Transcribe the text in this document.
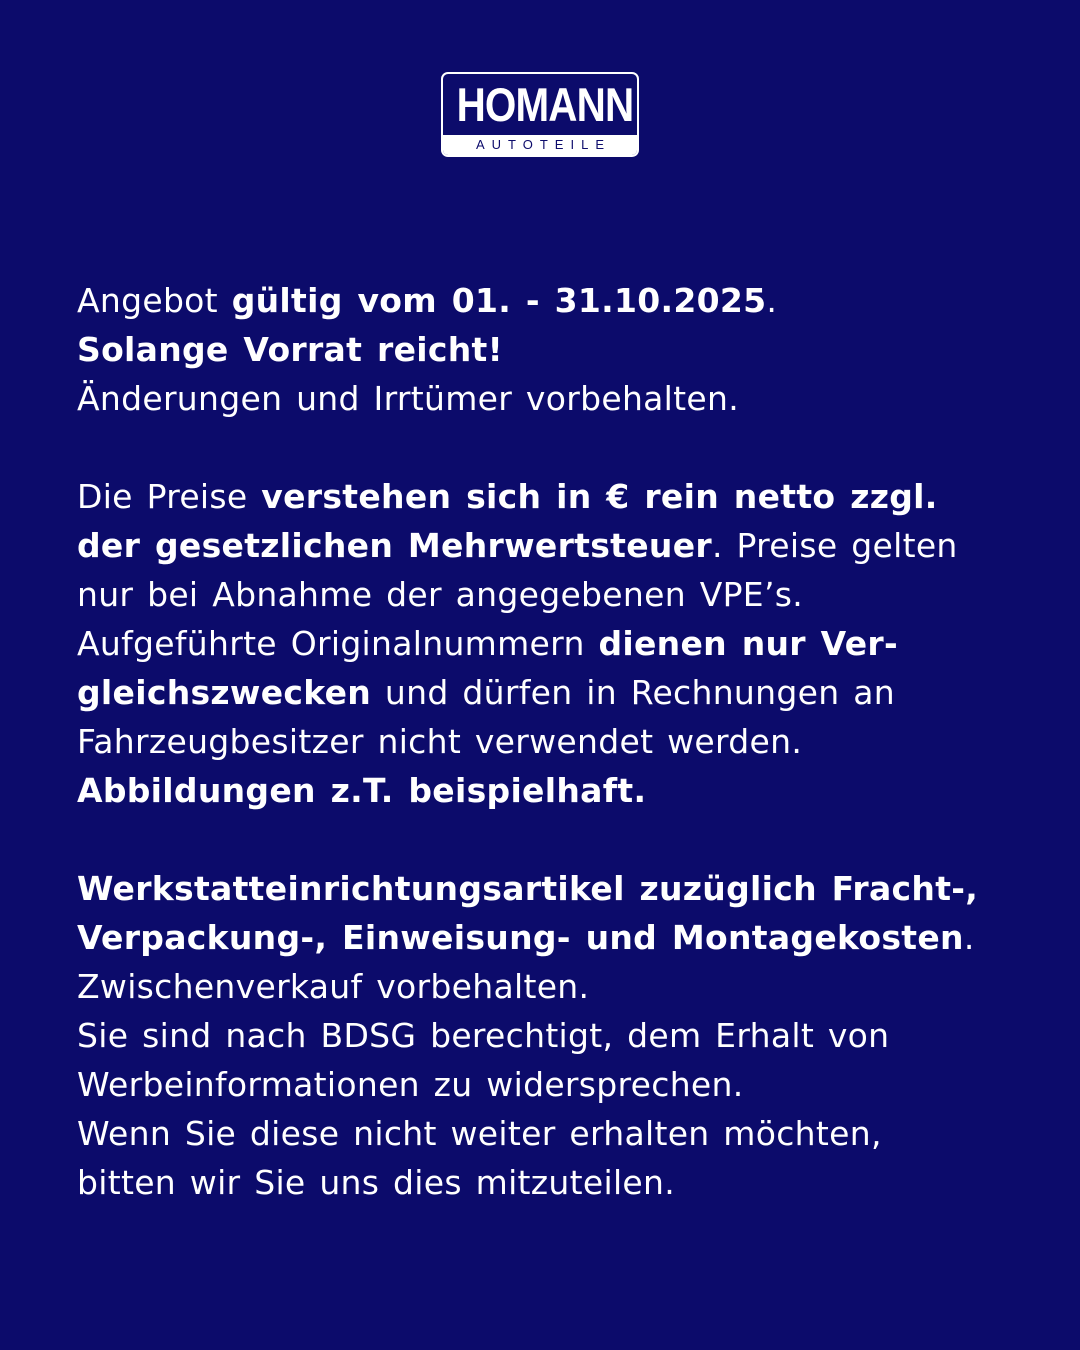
HOMANN
AUTOTEILE
Angebot gültig vom 01. - 31.10.2025.
Solange Vorrat reicht!
Änderungen und Irrtümer vorbehalten.
Die Preise verstehen sich in € rein netto zzgl.
der gesetzlichen Mehrwertsteuer. Preise gelten
nur bei Abnahme der angegebenen VPE’s.
Aufgeführte Originalnummern dienen nur Ver-
gleichszwecken und dürfen in Rechnungen an
Fahrzeugbesitzer nicht verwendet werden.
Abbildungen z.T. beispielhaft.
Werkstatteinrichtungsartikel zuzüglich Fracht-,
Verpackung-, Einweisung- und Montagekosten.
Zwischenverkauf vorbehalten.
Sie sind nach BDSG berechtigt, dem Erhalt von
Werbeinformationen zu widersprechen.
Wenn Sie diese nicht weiter erhalten möchten,
bitten wir Sie uns dies mitzuteilen.
